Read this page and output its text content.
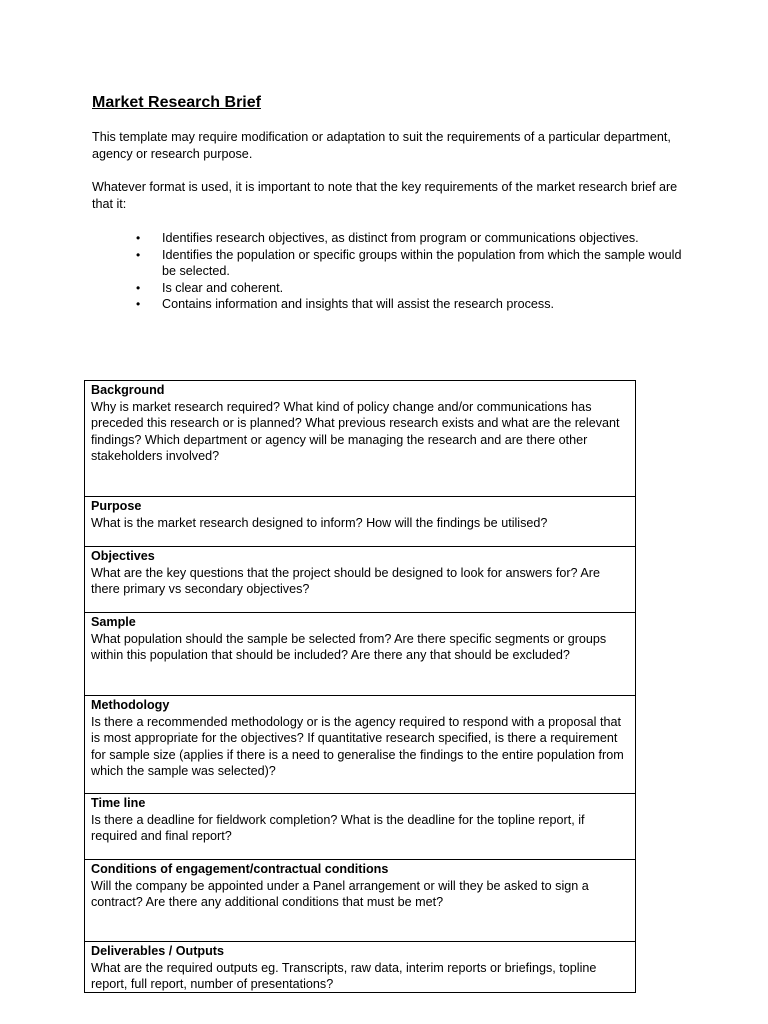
Market Research Brief

This template may require modification or adaptation to suit the requirements of a particular department, agency or research purpose.

Whatever format is used, it is important to note that the key requirements of the market research brief are that it:

• Identifies research objectives, as distinct from program or communications objectives.
• Identifies the population or specific groups within the population from which the sample would be selected.
• Is clear and coherent.
• Contains information and insights that will assist the research process.
Background
Why is market research required? What kind of policy change and/or communications has preceded this research or is planned? What previous research exists and what are the relevant findings? Which department or agency will be managing the research and are there other stakeholders involved?
Purpose
What is the market research designed to inform? How will the findings be utilised?
Objectives
What are the key questions that the project should be designed to look for answers for? Are there primary vs secondary objectives?
Sample
What population should the sample be selected from? Are there specific segments or groups within this population that should be included? Are there any that should be excluded?
Methodology
Is there a recommended methodology or is the agency required to respond with a proposal that is most appropriate for the objectives? If quantitative research specified, is there a requirement for sample size (applies if there is a need to generalise the findings to the entire population from which the sample was selected)?
Time line
Is there a deadline for fieldwork completion? What is the deadline for the topline report, if required and final report?
Conditions of engagement/contractual conditions
Will the company be appointed under a Panel arrangement or will they be asked to sign a contract? Are there any additional conditions that must be met?
Deliverables / Outputs
What are the required outputs eg. Transcripts, raw data, interim reports or briefings, topline report, full report, number of presentations?
